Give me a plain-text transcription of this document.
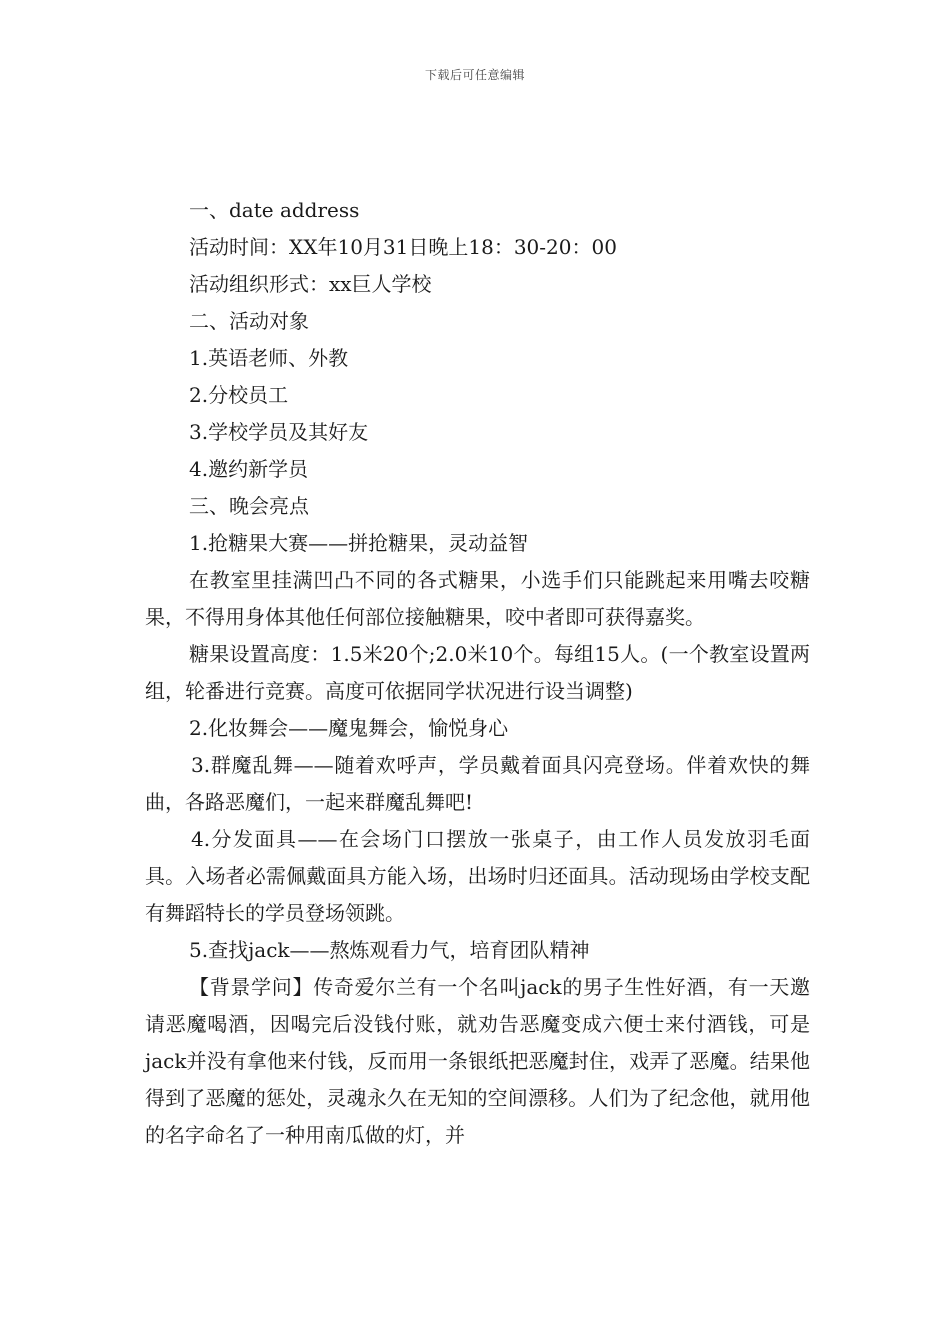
下载后可任意编辑

一、date address

活动时间：XX年10月31日晚上18：30-20：00

活动组织形式：xx巨人学校

二、活动对象

1.英语老师、外教

2.分校员工

3.学校学员及其好友

4.邀约新学员

三、晚会亮点

1.抢糖果大赛——拼抢糖果，灵动益智

在教室里挂满凹凸不同的各式糖果，小选手们只能跳起来用嘴去咬糖果，不得用身体其他任何部位接触糖果，咬中者即可获得嘉奖。

糖果设置高度：1.5米20个;2.0米10个。每组15人。(一个教室设置两组，轮番进行竞赛。高度可依据同学状况进行设当调整)

2.化妆舞会——魔鬼舞会，愉悦身心

3.群魔乱舞——随着欢呼声，学员戴着面具闪亮登场。伴着欢快的舞曲，各路恶魔们，一起来群魔乱舞吧!

4.分发面具——在会场门口摆放一张桌子，由工作人员发放羽毛面具。入场者必需佩戴面具方能入场，出场时归还面具。活动现场由学校支配有舞蹈特长的学员登场领跳。

5.查找jack——熬炼观看力气，培育团队精神

【背景学问】传奇爱尔兰有一个名叫jack的男子生性好酒，有一天邀请恶魔喝酒，因喝完后没钱付账，就劝告恶魔变成六便士来付酒钱，可是jack并没有拿他来付钱，反而用一条银纸把恶魔封住，戏弄了恶魔。结果他得到了恶魔的惩处，灵魂永久在无知的空间漂移。人们为了纪念他，就用他的名字命名了一种用南瓜做的灯，并
